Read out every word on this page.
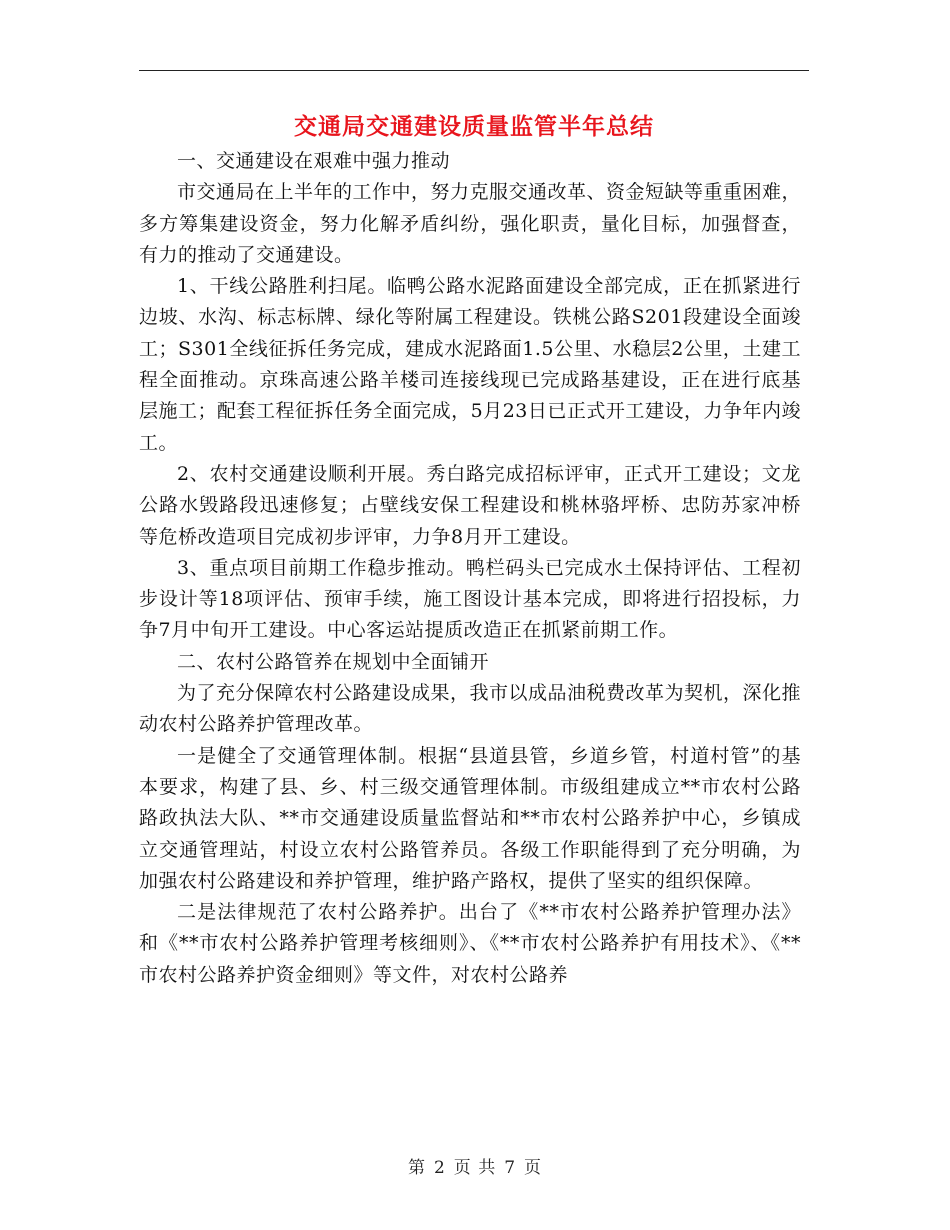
交通局交通建设质量监管半年总结

一、交通建设在艰难中强力推动

市交通局在上半年的工作中，努力克服交通改革、资金短缺等重重困难，多方筹集建设资金，努力化解矛盾纠纷，强化职责，量化目标，加强督查，有力的推动了交通建设。

1、干线公路胜利扫尾。临鸭公路水泥路面建设全部完成，正在抓紧进行边坡、水沟、标志标牌、绿化等附属工程建设。铁桃公路S201段建设全面竣工；S301全线征拆任务完成，建成水泥路面1.5公里、水稳层2公里，土建工程全面推动。京珠高速公路羊楼司连接线现已完成路基建设，正在进行底基层施工；配套工程征拆任务全面完成，5月23日已正式开工建设，力争年内竣工。

2、农村交通建设顺利开展。秀白路完成招标评审，正式开工建设；文龙公路水毁路段迅速修复；占壁线安保工程建设和桃林骆坪桥、忠防苏家冲桥等危桥改造项目完成初步评审，力争8月开工建设。

3、重点项目前期工作稳步推动。鸭栏码头已完成水土保持评估、工程初步设计等18项评估、预审手续，施工图设计基本完成，即将进行招投标，力争7月中旬开工建设。中心客运站提质改造正在抓紧前期工作。

二、农村公路管养在规划中全面铺开

为了充分保障农村公路建设成果，我市以成品油税费改革为契机，深化推动农村公路养护管理改革。

一是健全了交通管理体制。根据“县道县管，乡道乡管，村道村管”的基本要求，构建了县、乡、村三级交通管理体制。市级组建成立**市农村公路路政执法大队、**市交通建设质量监督站和**市农村公路养护中心，乡镇成立交通管理站，村设立农村公路管养员。各级工作职能得到了充分明确，为加强农村公路建设和养护管理，维护路产路权，提供了坚实的组织保障。

二是法律规范了农村公路养护。出台了《**市农村公路养护管理办法》和《**市农村公路养护管理考核细则》、《**市农村公路养护有用技术》、《**市农村公路养护资金细则》等文件，对农村公路养

第 2 页 共 7 页
